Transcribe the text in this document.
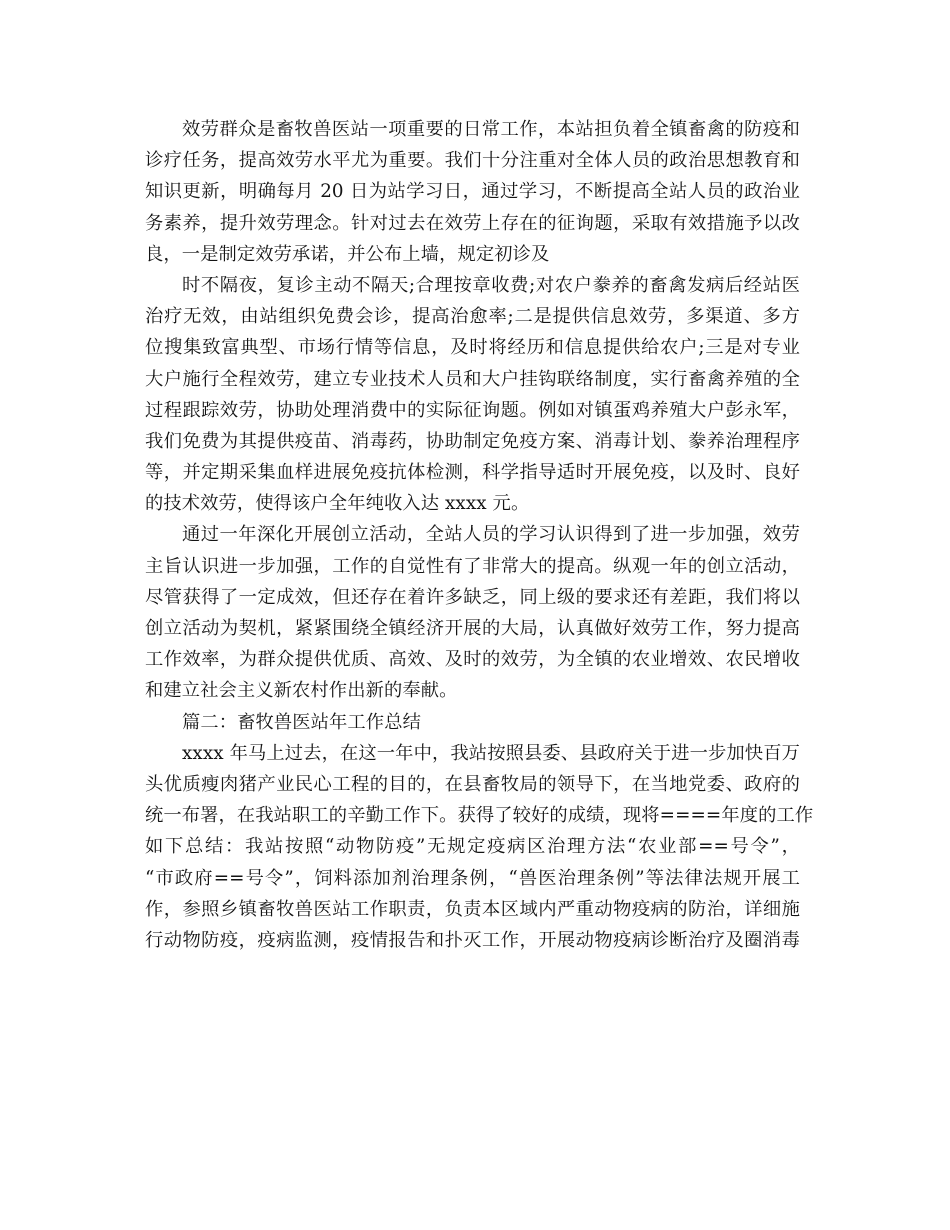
效劳群众是畜牧兽医站一项重要的日常工作，本站担负着全镇畜禽的防疫和
诊疗任务，提高效劳水平尤为重要。我们十分注重对全体人员的政治思想教育和
知识更新，明确每月 20 日为站学习日，通过学习，不断提高全站人员的政治业
务素养，提升效劳理念。针对过去在效劳上存在的征询题，采取有效措施予以改
良，一是制定效劳承诺，并公布上墙，规定初诊及
时不隔夜，复诊主动不隔天;合理按章收费;对农户豢养的畜禽发病后经站医
治疗无效，由站组织免费会诊，提高治愈率;二是提供信息效劳，多渠道、多方
位搜集致富典型、市场行情等信息，及时将经历和信息提供给农户;三是对专业
大户施行全程效劳，建立专业技术人员和大户挂钩联络制度，实行畜禽养殖的全
过程跟踪效劳，协助处理消费中的实际征询题。例如对镇蛋鸡养殖大户彭永军，
我们免费为其提供疫苗、消毒药，协助制定免疫方案、消毒计划、豢养治理程序
等，并定期采集血样进展免疫抗体检测，科学指导适时开展免疫，以及时、良好
的技术效劳，使得该户全年纯收入达 xxxx 元。
通过一年深化开展创立活动，全站人员的学习认识得到了进一步加强，效劳
主旨认识进一步加强，工作的自觉性有了非常大的提高。纵观一年的创立活动，
尽管获得了一定成效，但还存在着许多缺乏，同上级的要求还有差距，我们将以
创立活动为契机，紧紧围绕全镇经济开展的大局，认真做好效劳工作，努力提高
工作效率，为群众提供优质、高效、及时的效劳，为全镇的农业增效、农民增收
和建立社会主义新农村作出新的奉献。
篇二：畜牧兽医站年工作总结
xxxx 年马上过去，在这一年中，我站按照县委、县政府关于进一步加快百万
头优质瘦肉猪产业民心工程的目的，在县畜牧局的领导下，在当地党委、政府的
统一布署，在我站职工的辛勤工作下。获得了较好的成绩，现将====年度的工作
如下总结：我站按照“动物防疫”无规定疫病区治理方法“农业部==号令”，
“市政府==号令”，饲料添加剂治理条例，“兽医治理条例”等法律法规开展工
作，参照乡镇畜牧兽医站工作职责，负责本区域内严重动物疫病的防治，详细施
行动物防疫，疫病监测，疫情报告和扑灭工作，开展动物疫病诊断治疗及圈消毒
